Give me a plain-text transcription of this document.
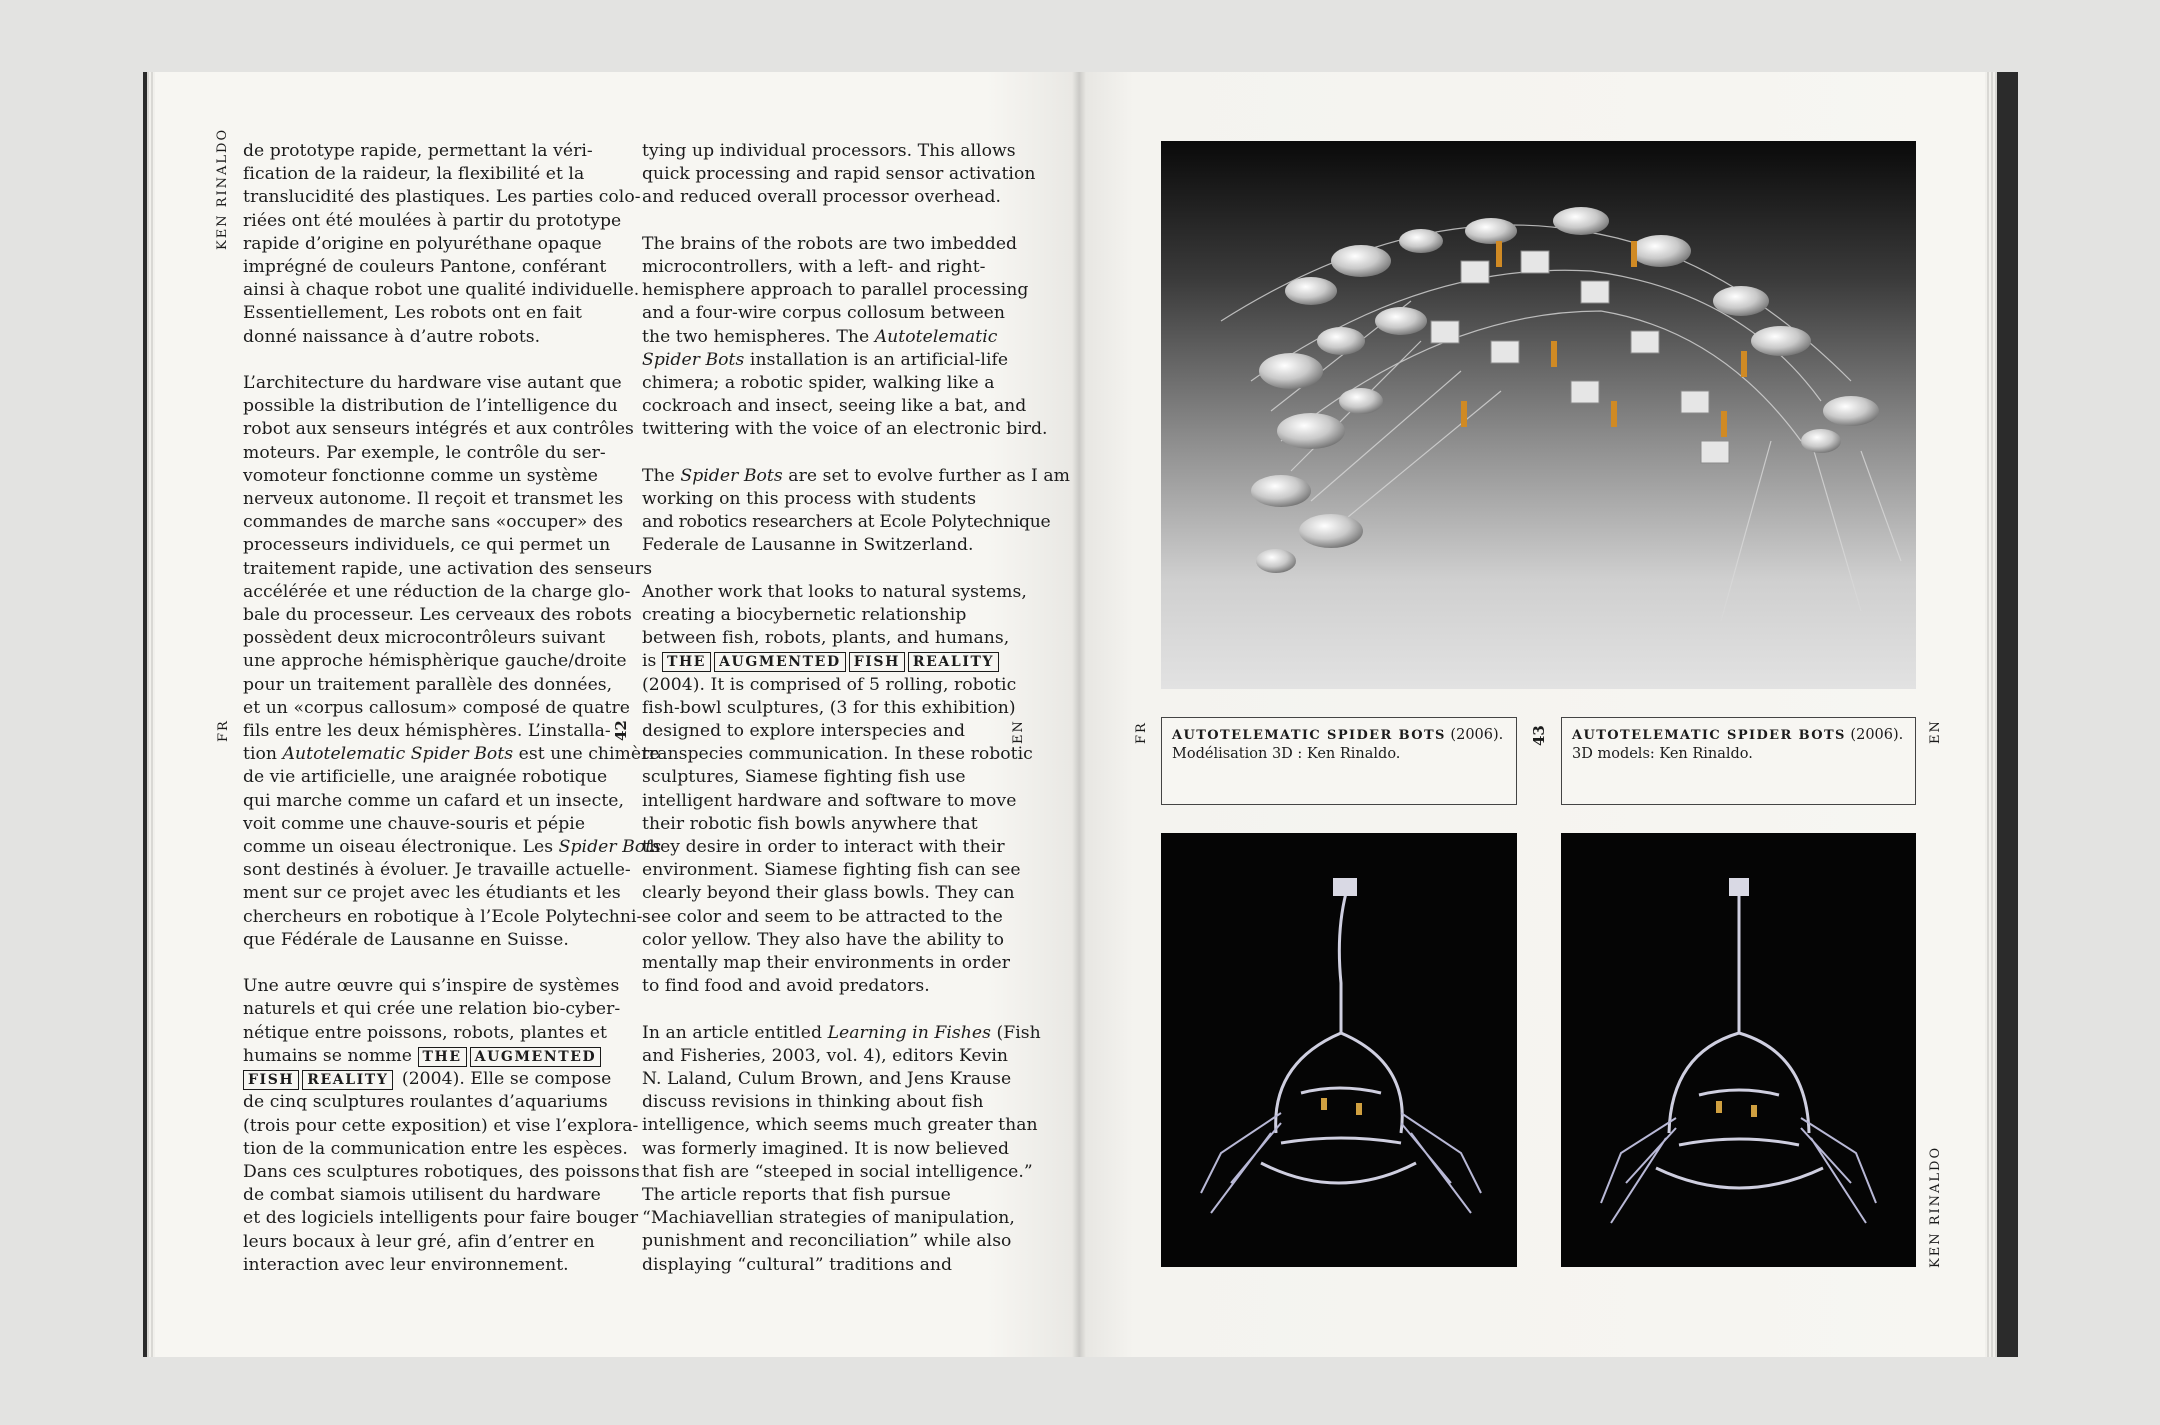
KEN RINALDO
FR	42	EN

de prototype rapide, permettant la véri-
fication de la raideur, la flexibilité et la
translucidité des plastiques. Les parties colo-
riées ont été moulées à partir du prototype
rapide d’origine en polyuréthane opaque
imprégné de couleurs Pantone, conférant
ainsi à chaque robot une qualité individuelle.
Essentiellement, Les robots ont en fait
donné naissance à d’autre robots.

L’architecture du hardware vise autant que
possible la distribution de l’intelligence du
robot aux senseurs intégrés et aux contrôles
moteurs. Par exemple, le contrôle du ser-
vomoteur fonctionne comme un système
nerveux autonome. Il reçoit et transmet les
commandes de marche sans «occuper» des
processeurs individuels, ce qui permet un
traitement rapide, une activation des senseurs
accélérée et une réduction de la charge glo-
bale du processeur. Les cerveaux des robots
possèdent deux microcontrôleurs suivant
une approche hémisphèrique gauche/droite
pour un traitement parallèle des données,
et un «corpus callosum» composé de quatre
fils entre les deux hémisphères. L’installa-
tion Autotelematic Spider Bots est une chimère
de vie artificielle, une araignée robotique
qui marche comme un cafard et un insecte,
voit comme une chauve-souris et pépie
comme un oiseau électronique. Les Spider Bots
sont destinés à évoluer. Je travaille actuelle-
ment sur ce projet avec les étudiants et les
chercheurs en robotique à l’Ecole Polytechni-
que Fédérale de Lausanne en Suisse.

Une autre œuvre qui s’inspire de systèmes
naturels et qui crée une relation bio-cyber-
nétique entre poissons, robots, plantes et
humains se nomme THE AUGMENTED
FISH REALITY (2004). Elle se compose
de cinq sculptures roulantes d’aquariums
(trois pour cette exposition) et vise l’explora-
tion de la communication entre les espèces.
Dans ces sculptures robotiques, des poissons
de combat siamois utilisent du hardware
et des logiciels intelligents pour faire bouger
leurs bocaux à leur gré, afin d’entrer en
interaction avec leur environnement.

tying up individual processors. This allows
quick processing and rapid sensor activation
and reduced overall processor overhead.

The brains of the robots are two imbedded
microcontrollers, with a left- and right-
hemisphere approach to parallel processing
and a four-wire corpus collosum between
the two hemispheres. The Autotelematic
Spider Bots installation is an artificial-life
chimera; a robotic spider, walking like a
cockroach and insect, seeing like a bat, and
twittering with the voice of an electronic bird.

The Spider Bots are set to evolve further as I am
working on this process with students
and robotics researchers at Ecole Polytechnique
Federale de Lausanne in Switzerland.

Another work that looks to natural systems,
creating a biocybernetic relationship
between fish, robots, plants, and humans,
is THE AUGMENTED FISH REALITY
(2004). It is comprised of 5 rolling, robotic
fish-bowl sculptures, (3 for this exhibition)
designed to explore interspecies and
transpecies communication. In these robotic
sculptures, Siamese fighting fish use
intelligent hardware and software to move
their robotic fish bowls anywhere that
they desire in order to interact with their
environment. Siamese fighting fish can see
clearly beyond their glass bowls. They can
see color and seem to be attracted to the
color yellow. They also have the ability to
mentally map their environments in order
to find food and avoid predators.

In an article entitled Learning in Fishes (Fish
and Fisheries, 2003, vol. 4), editors Kevin
N. Laland, Culum Brown, and Jens Krause
discuss revisions in thinking about fish
intelligence, which seems much greater than
was formerly imagined. It is now believed
that fish are “steeped in social intelligence.”
The article reports that fish pursue
“Machiavellian strategies of manipulation,
punishment and reconciliation” while also
displaying “cultural” traditions and

AUTOTELEMATIC SPIDER BOTS (2006).
Modélisation 3D : Ken Rinaldo.
AUTOTELEMATIC SPIDER BOTS (2006).
3D models: Ken Rinaldo.
FR	43	EN
KEN RINALDO
